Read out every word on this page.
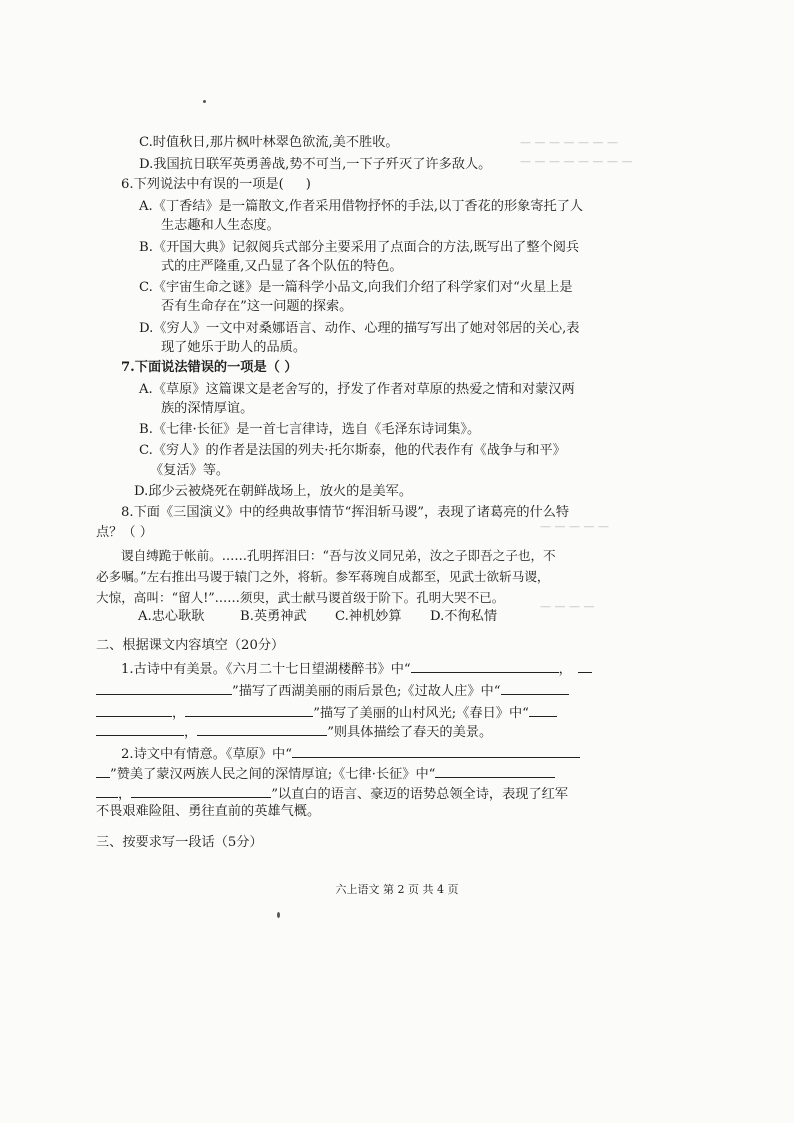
— — — — — — —
— — — — — — — —
— — — — —
— — — —
C.时值秋日,那片枫叶林翠色欲流,美不胜收。
D.我国抗日联军英勇善战,势不可当,一下子歼灭了许多敌人。
6.下列说法中有误的一项是( )
A.《丁香结》是一篇散文,作者采用借物抒怀的手法,以丁香花的形象寄托了人
生志趣和人生态度。
B.《开国大典》记叙阅兵式部分主要采用了点面合的方法,既写出了整个阅兵
式的庄严隆重,又凸显了各个队伍的特色。
C.《宇宙生命之谜》是一篇科学小品文,向我们介绍了科学家们对“火星上是
否有生命存在”这一问题的探索。
D.《穷人》一文中对桑娜语言、动作、心理的描写写出了她对邻居的关心,表
现了她乐于助人的品质。
7.下面说法错误的一项是（ ）
A.《草原》这篇课文是老舍写的，抒发了作者对草原的热爱之情和对蒙汉两
族的深情厚谊。
B.《七律·长征》是一首七言律诗，选自《毛泽东诗词集》。
C.《穷人》的作者是法国的列夫·托尔斯泰，他的代表作有《战争与和平》
《复活》等。
D.邱少云被烧死在朝鲜战场上，放火的是美军。
8.下面《三国演义》中的经典故事情节“挥泪斩马谡”，表现了诸葛亮的什么特
点？（ ）
谡自缚跪于帐前。……孔明挥泪曰：“吾与汝义同兄弟，汝之子即吾之子也，不
必多嘱。”左右推出马谡于辕门之外，将斩。参军蒋琬自成都至，见武士欲斩马谡，
大惊，高叫：“留人!”……须臾，武士献马谡首级于阶下。孔明大哭不已。
A.忠心耿耿	B.英勇神武 C.神机妙算 D.不徇私情
二、根据课文内容填空（20分）
1.古诗中有美景。《六月二十七日望湖楼醉书》中“	，
”描写了西湖美丽的雨后景色;《过故人庄》中“
，	”描写了美丽的山村风光;《春日》中“
，	”则具体描绘了春天的美景。
2.诗文中有情意。《草原》中“
”赞美了蒙汉两族人民之间的深情厚谊;《七律·长征》中“
，	”以直白的语言、豪迈的语势总领全诗，表现了红军
不畏艰难险阻、勇往直前的英雄气概。
三、按要求写一段话（5分）
六上语文 第 2 页 共 4 页
